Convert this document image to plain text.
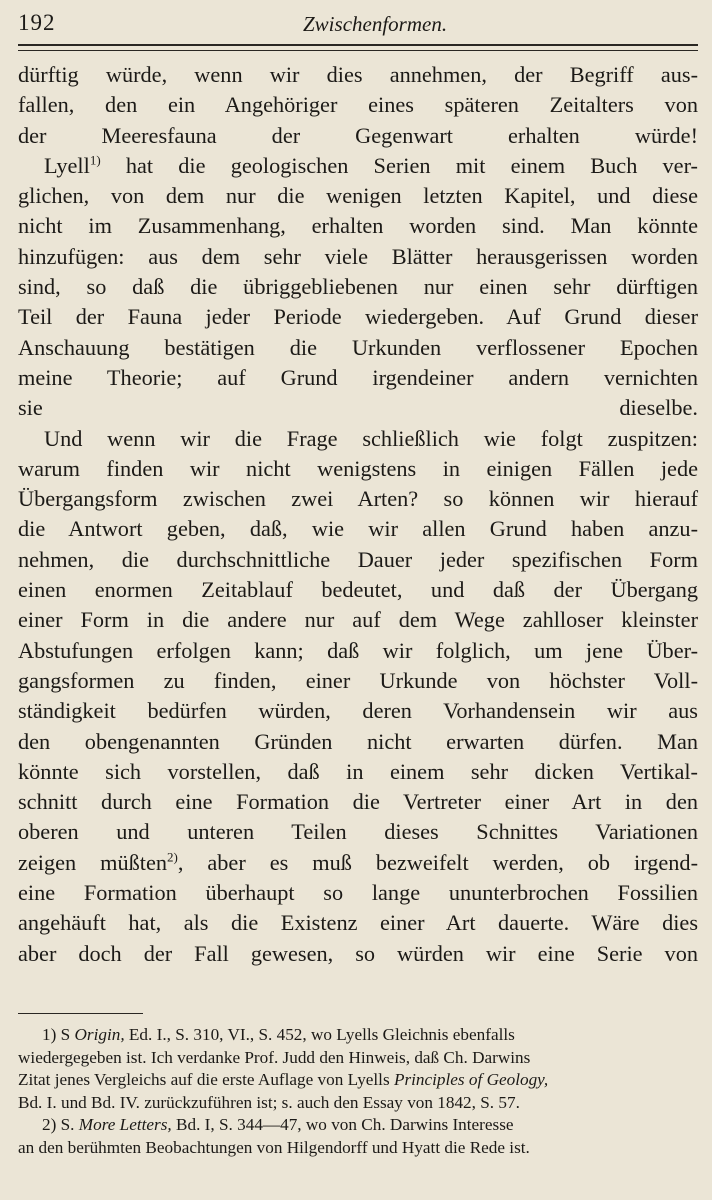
192	Zwischenformen.
dürftig würde, wenn wir dies annehmen, der Begriff aus-
fallen, den ein Angehöriger eines späteren Zeitalters von
der Meeresfauna der Gegenwart erhalten würde!
Lyell$^{1)}$ hat die geologischen Serien mit einem Buch ver-
glichen, von dem nur die wenigen letzten Kapitel, und diese
nicht im Zusammenhang, erhalten worden sind. Man könnte
hinzufügen: aus dem sehr viele Blätter herausgerissen worden
sind, so daß die übriggebliebenen nur einen sehr dürftigen
Teil der Fauna jeder Periode wiedergeben. Auf Grund dieser
Anschauung bestätigen die Urkunden verflossener Epochen
meine Theorie; auf Grund irgendeiner andern vernichten
sie dieselbe.
Und wenn wir die Frage schließlich wie folgt zuspitzen:
warum finden wir nicht wenigstens in einigen Fällen jede
Übergangsform zwischen zwei Arten? so können wir hierauf
die Antwort geben, daß, wie wir allen Grund haben anzu-
nehmen, die durchschnittliche Dauer jeder spezifischen Form
einen enormen Zeitablauf bedeutet, und daß der Übergang
einer Form in die andere nur auf dem Wege zahlloser kleinster
Abstufungen erfolgen kann; daß wir folglich, um jene Über-
gangsformen zu finden, einer Urkunde von höchster Voll-
ständigkeit bedürfen würden, deren Vorhandensein wir aus
den obengenannten Gründen nicht erwarten dürfen. Man
könnte sich vorstellen, daß in einem sehr dicken Vertikal-
schnitt durch eine Formation die Vertreter einer Art in den
oberen und unteren Teilen dieses Schnittes Variationen
zeigen müßten$^{2)}$, aber es muß bezweifelt werden, ob irgend-
eine Formation überhaupt so lange ununterbrochen Fossilien
angehäuft hat, als die Existenz einer Art dauerte. Wäre dies
aber doch der Fall gewesen, so würden wir eine Serie von
1) S Origin, Ed. I., S. 310, VI., S. 452, wo Lyells Gleichnis ebenfalls
wiedergegeben ist. Ich verdanke Prof. Judd den Hinweis, daß Ch. Darwins
Zitat jenes Vergleichs auf die erste Auflage von Lyells Principles of Geology,
Bd. I. und Bd. IV. zurückzuführen ist; s. auch den Essay von 1842, S. 57.
2) S. More Letters, Bd. I, S. 344—47, wo von Ch. Darwins Interesse
an den berühmten Beobachtungen von Hilgendorff und Hyatt die Rede ist.
